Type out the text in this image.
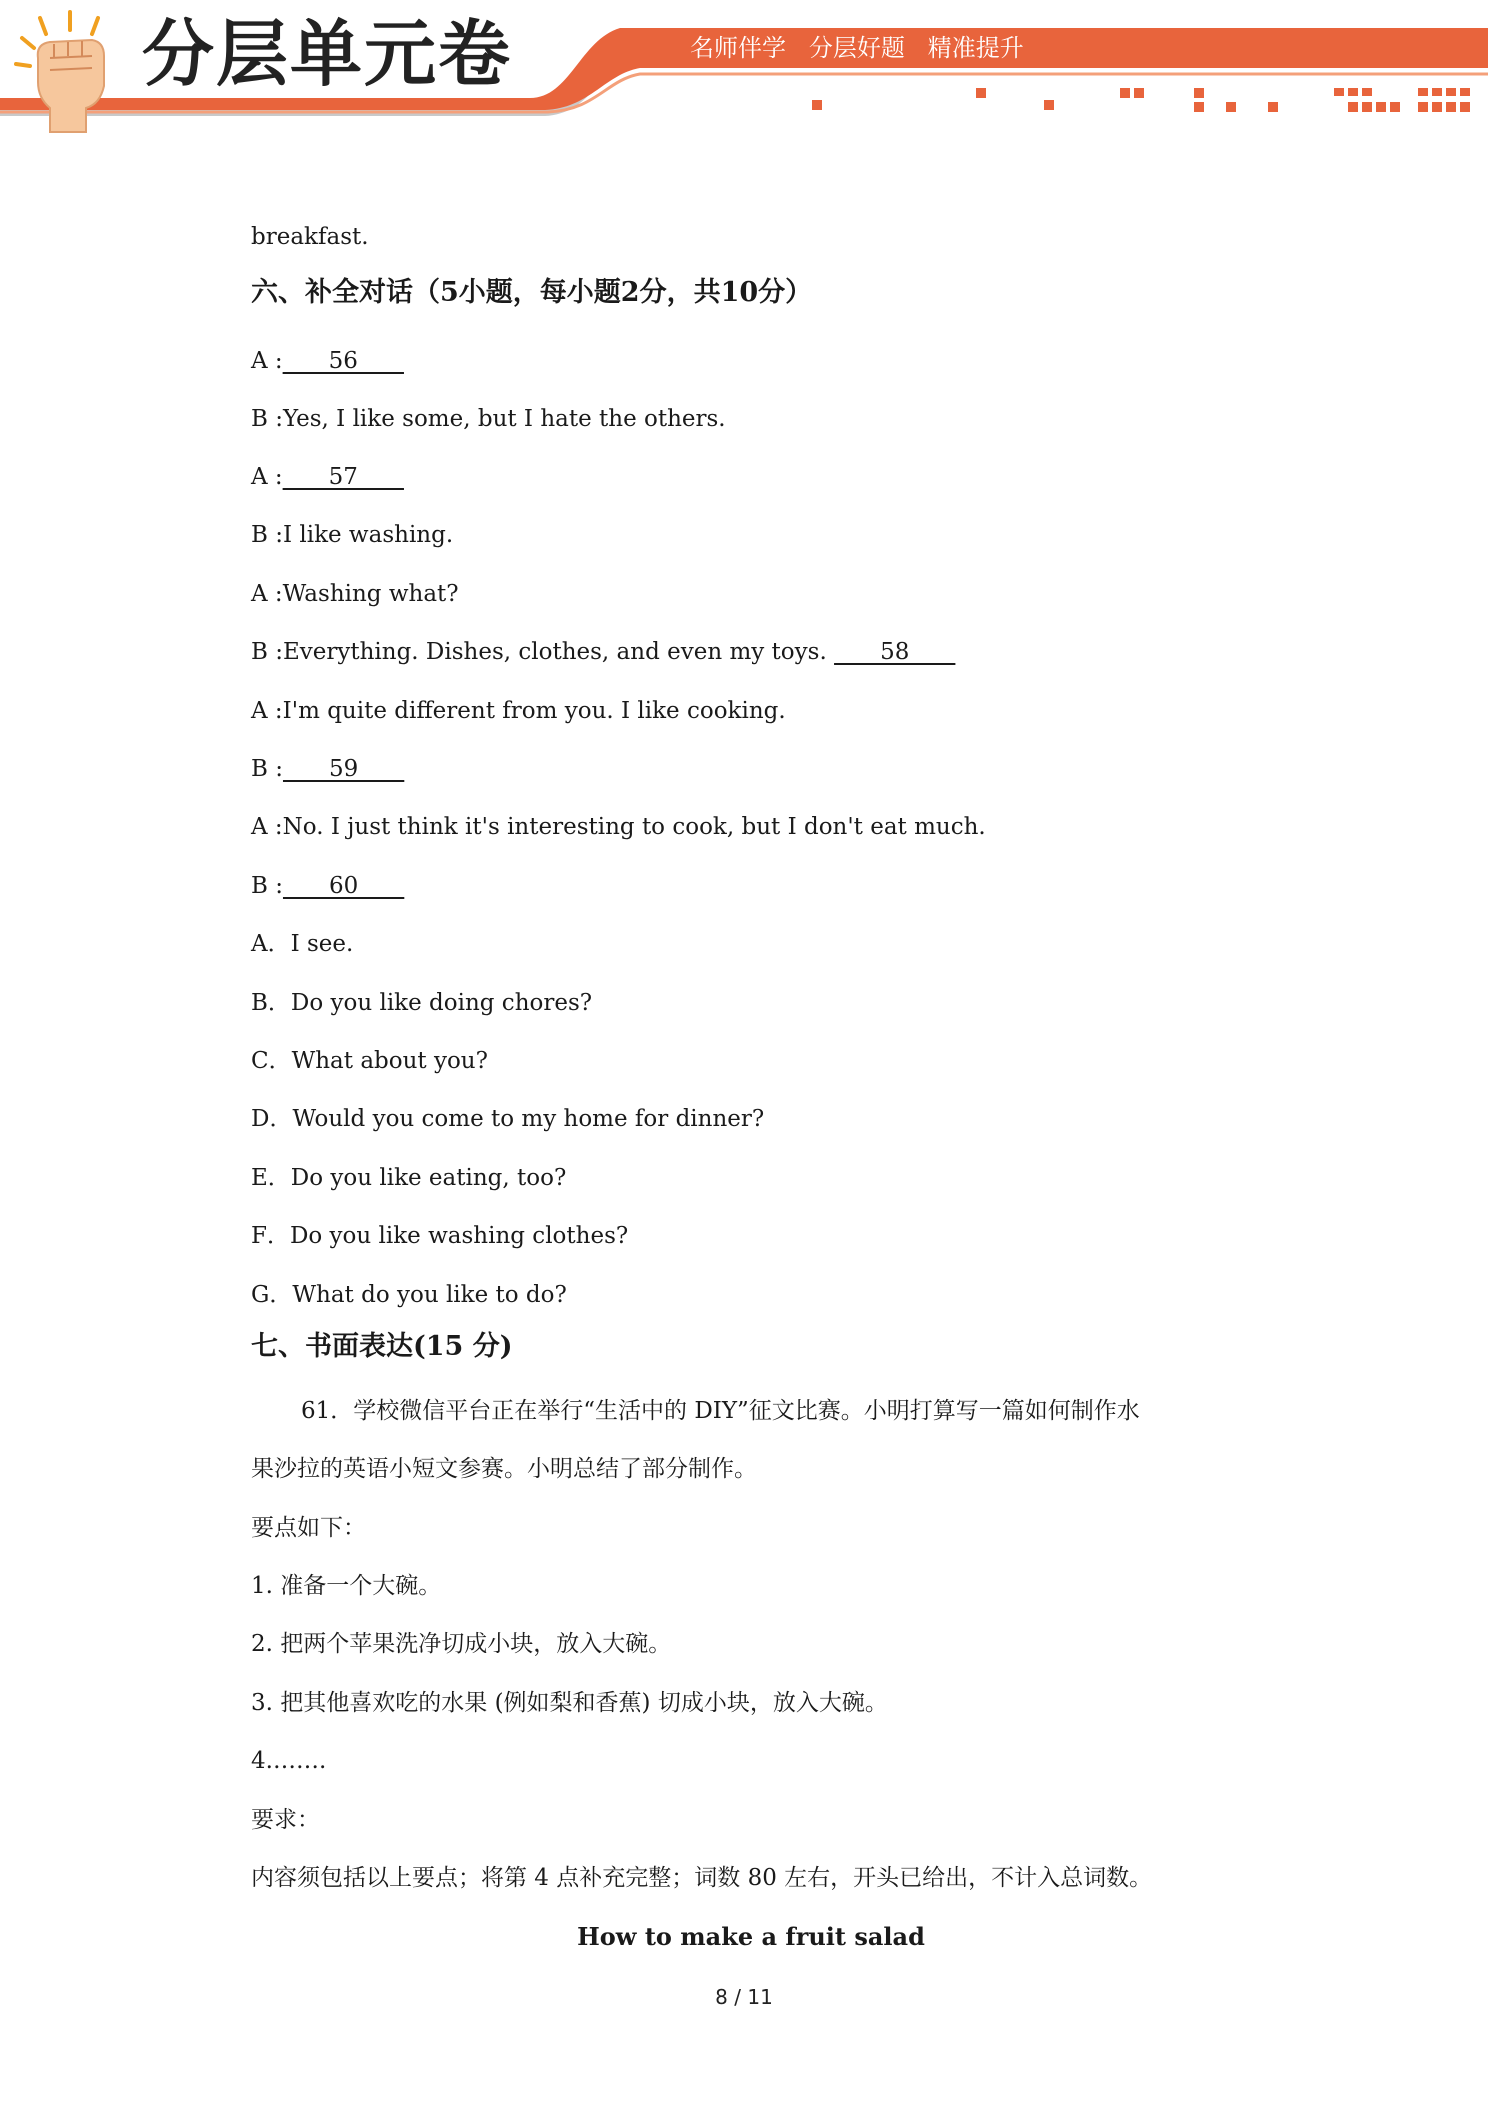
分层单元卷	名师伴学   分层好题   精准提升
breakfast.
六、补全对话（5小题，每小题2分，共10分）
A :____56____
B :Yes, I like some, but I hate the others.
A :____57____
B :I like washing.
A :Washing what?
B :Everything. Dishes, clothes, and even my toys. ____58____
A :I'm quite different from you. I like cooking.
B :____59____
A :No. I just think it's interesting to cook, but I don't eat much.
B :____60____
A．I see.
B．Do you like doing chores?
C．What about you?
D．Would you come to my home for dinner?
E．Do you like eating, too?
F．Do you like washing clothes?
G．What do you like to do?
七、书面表达(15 分)
61．学校微信平台正在举行“生活中的 DIY”征文比赛。小明打算写一篇如何制作水
果沙拉的英语小短文参赛。小明总结了部分制作。
要点如下：
1. 准备一个大碗。
2. 把两个苹果洗净切成小块，放入大碗。
3. 把其他喜欢吃的水果 (例如梨和香蕉) 切成小块，放入大碗。
4.…….
要求：
内容须包括以上要点；将第 4 点补充完整；词数 80 左右，开头已给出，不计入总词数。
How to make a fruit salad
8 / 11
